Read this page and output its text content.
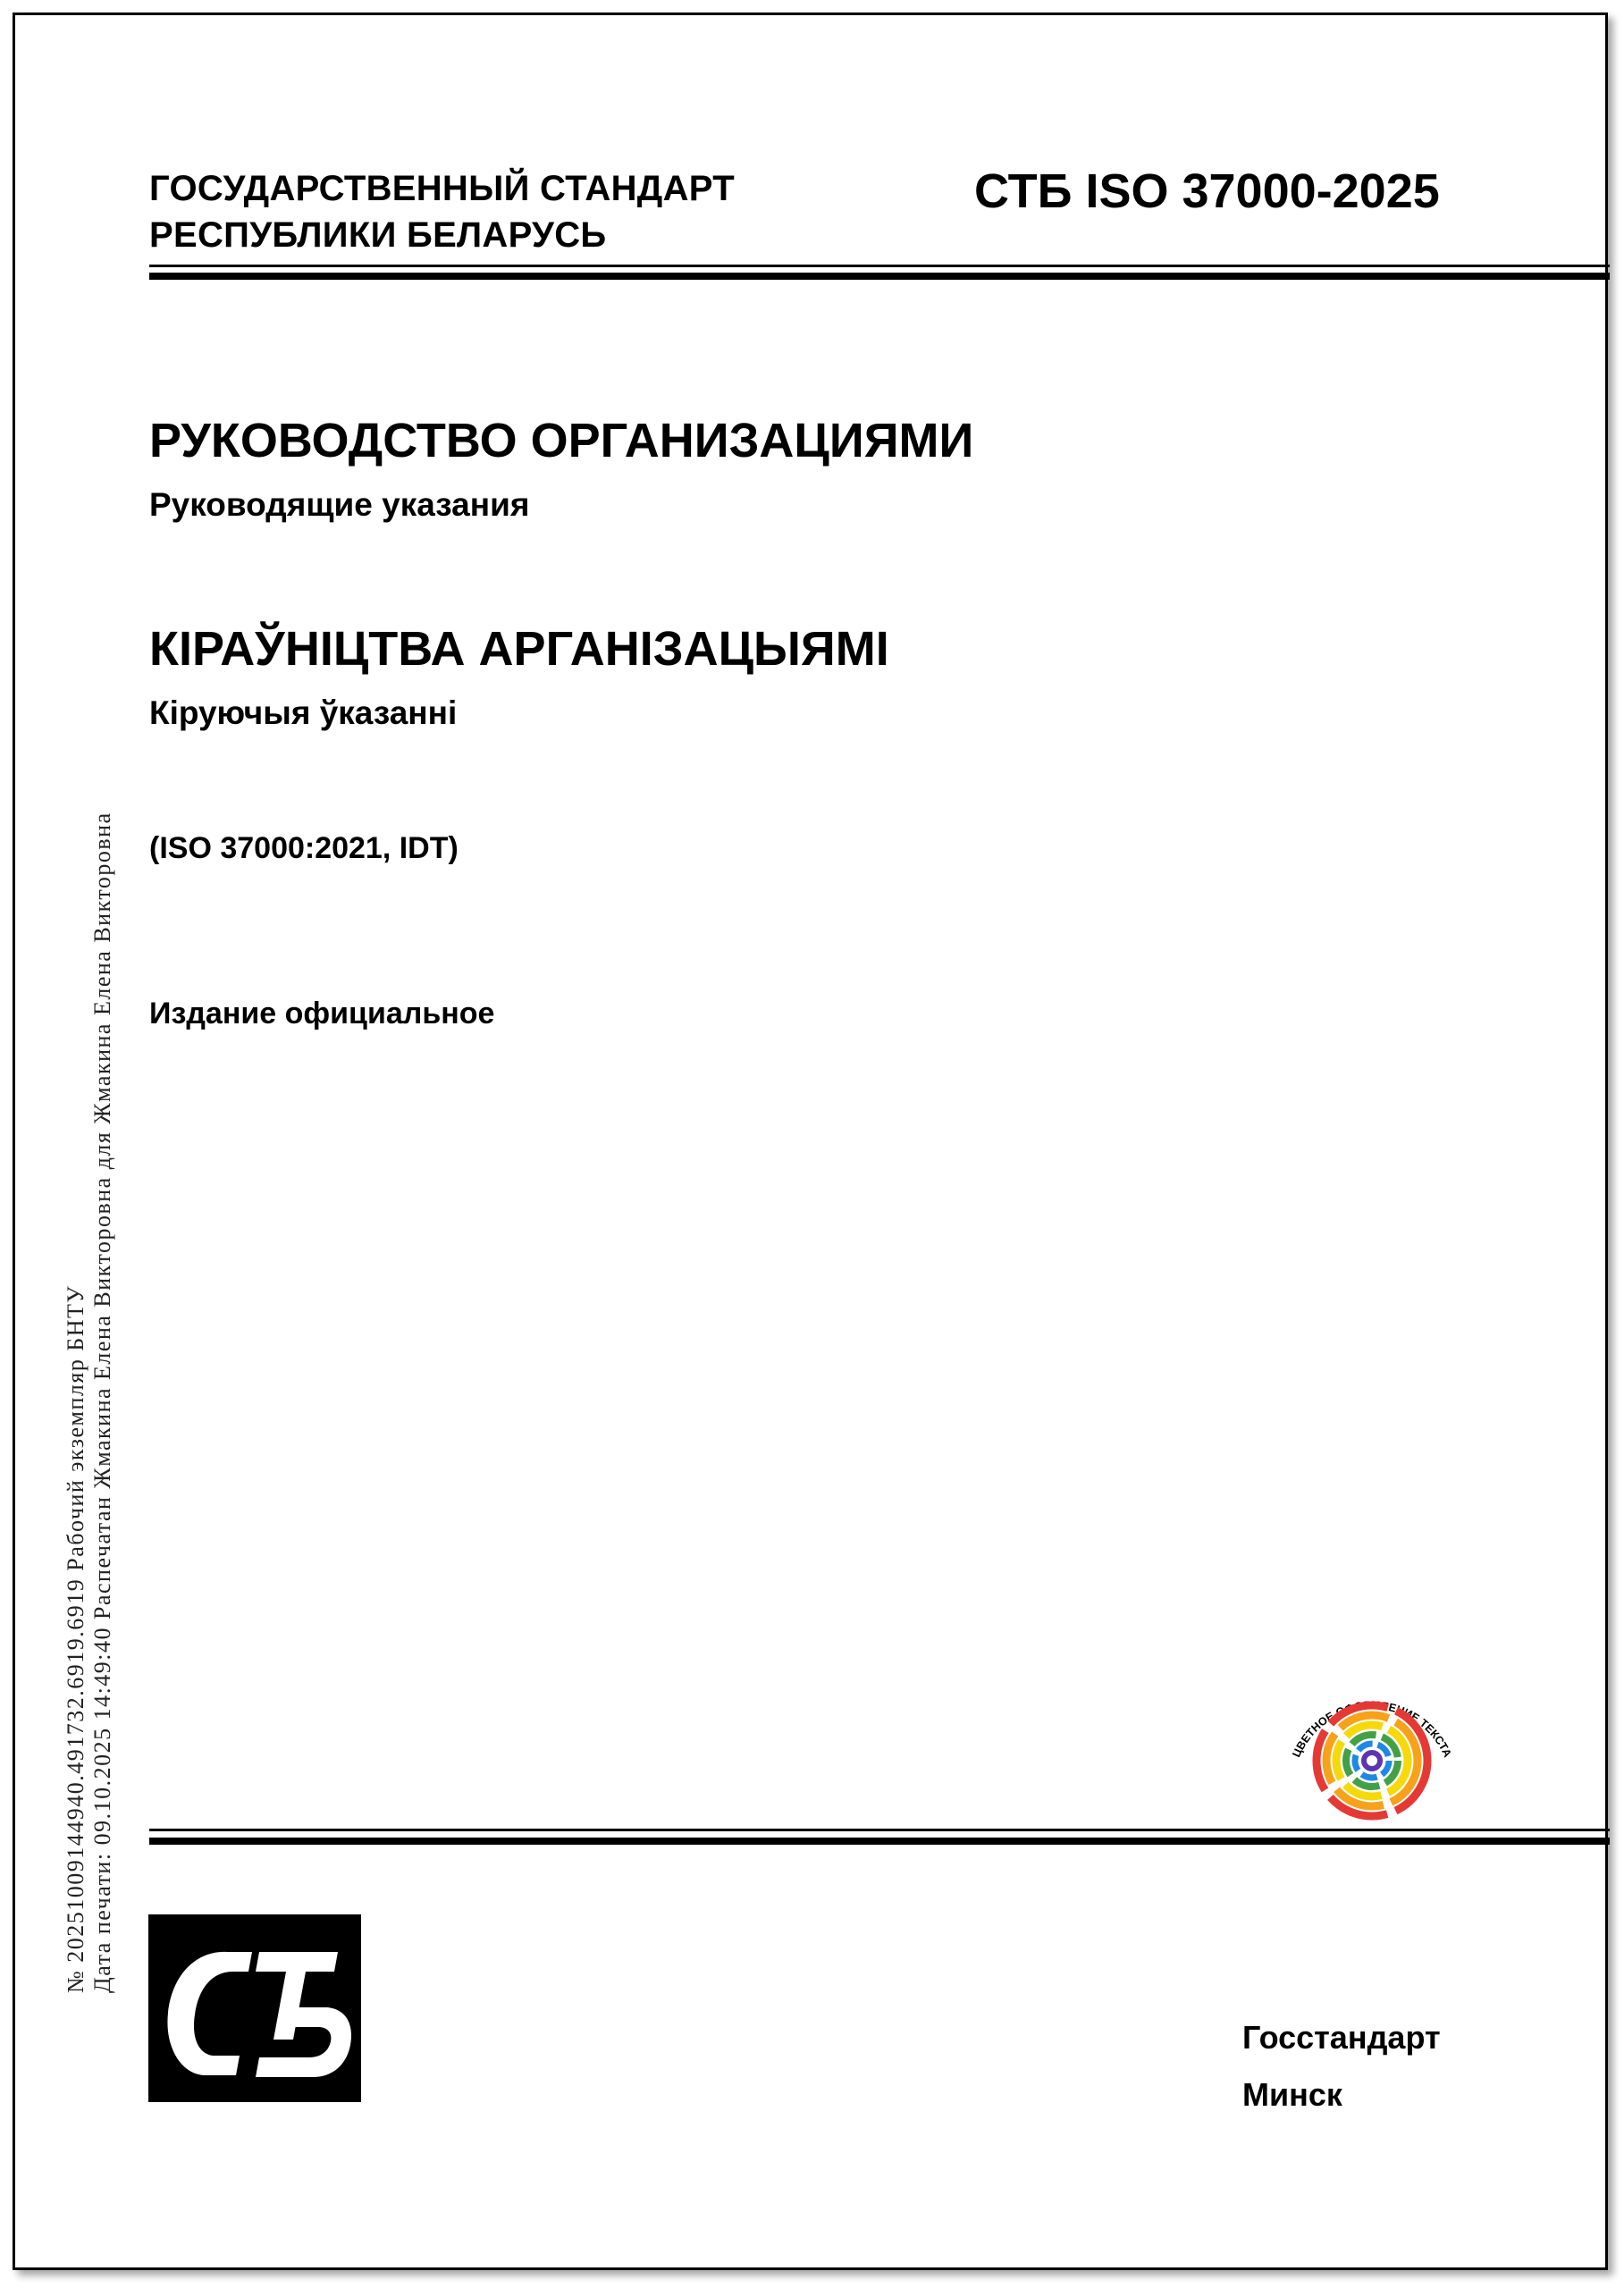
ГОСУДАРСТВЕННЫЙ СТАНДАРТ
РЕСПУБЛИКИ БЕЛАРУСЬ
СТБ ISO 37000-2025
РУКОВОДСТВО ОРГАНИЗАЦИЯМИ
Руководящие указания
КІРАЎНІЦТВА АРГАНІЗАЦЫЯМІ
Кіруючыя ўказанні
(ISO 37000:2021, IDT)
Издание официальное
№ 20251009144940.491732.6919.6919 Рабочий экземпляр БНТУ Дата печати: 09.10.2025 14:49:40 Распечатан Жмакина Елена Викторовна для Жмакина Елена Викторовна	ЦВЕТНОЕ ОФОРМЛЕНИЕ ТЕКСТА
Госстандарт
Минск
